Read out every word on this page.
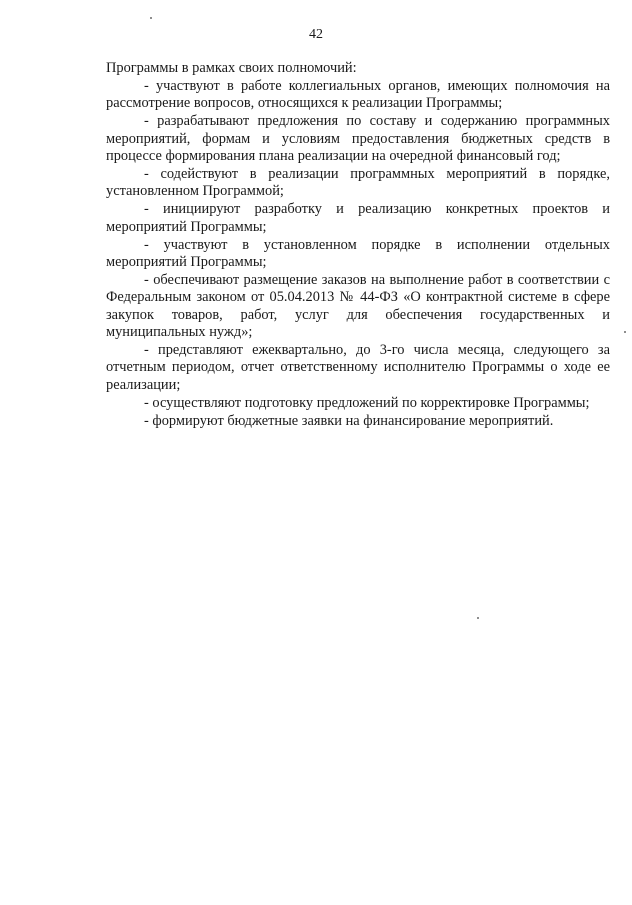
42

Программы в рамках своих полномочий:

- участвуют в работе коллегиальных органов, имеющих полномочия на рассмотрение вопросов, относящихся к реализации Программы;

- разрабатывают предложения по составу и содержанию программных мероприятий, формам и условиям предоставления бюджетных средств в процессе формирования плана реализации на очередной финансовый год;

- содействуют в реализации программных мероприятий в порядке, установленном Программой;

- инициируют разработку и реализацию конкретных проектов и мероприятий Программы;

- участвуют в установленном порядке в исполнении отдельных мероприятий Программы;

- обеспечивают размещение заказов на выполнение работ в соответствии с Федеральным законом от 05.04.2013 № 44-ФЗ «О контрактной системе в сфере закупок товаров, работ, услуг для обеспечения государственных и муниципальных нужд»;

- представляют ежеквартально, до 3-го числа месяца, следующего за отчетным периодом, отчет ответственному исполнителю Программы о ходе ее реализации;

- осуществляют подготовку предложений по корректировке Программы;

- формируют бюджетные заявки на финансирование мероприятий.
